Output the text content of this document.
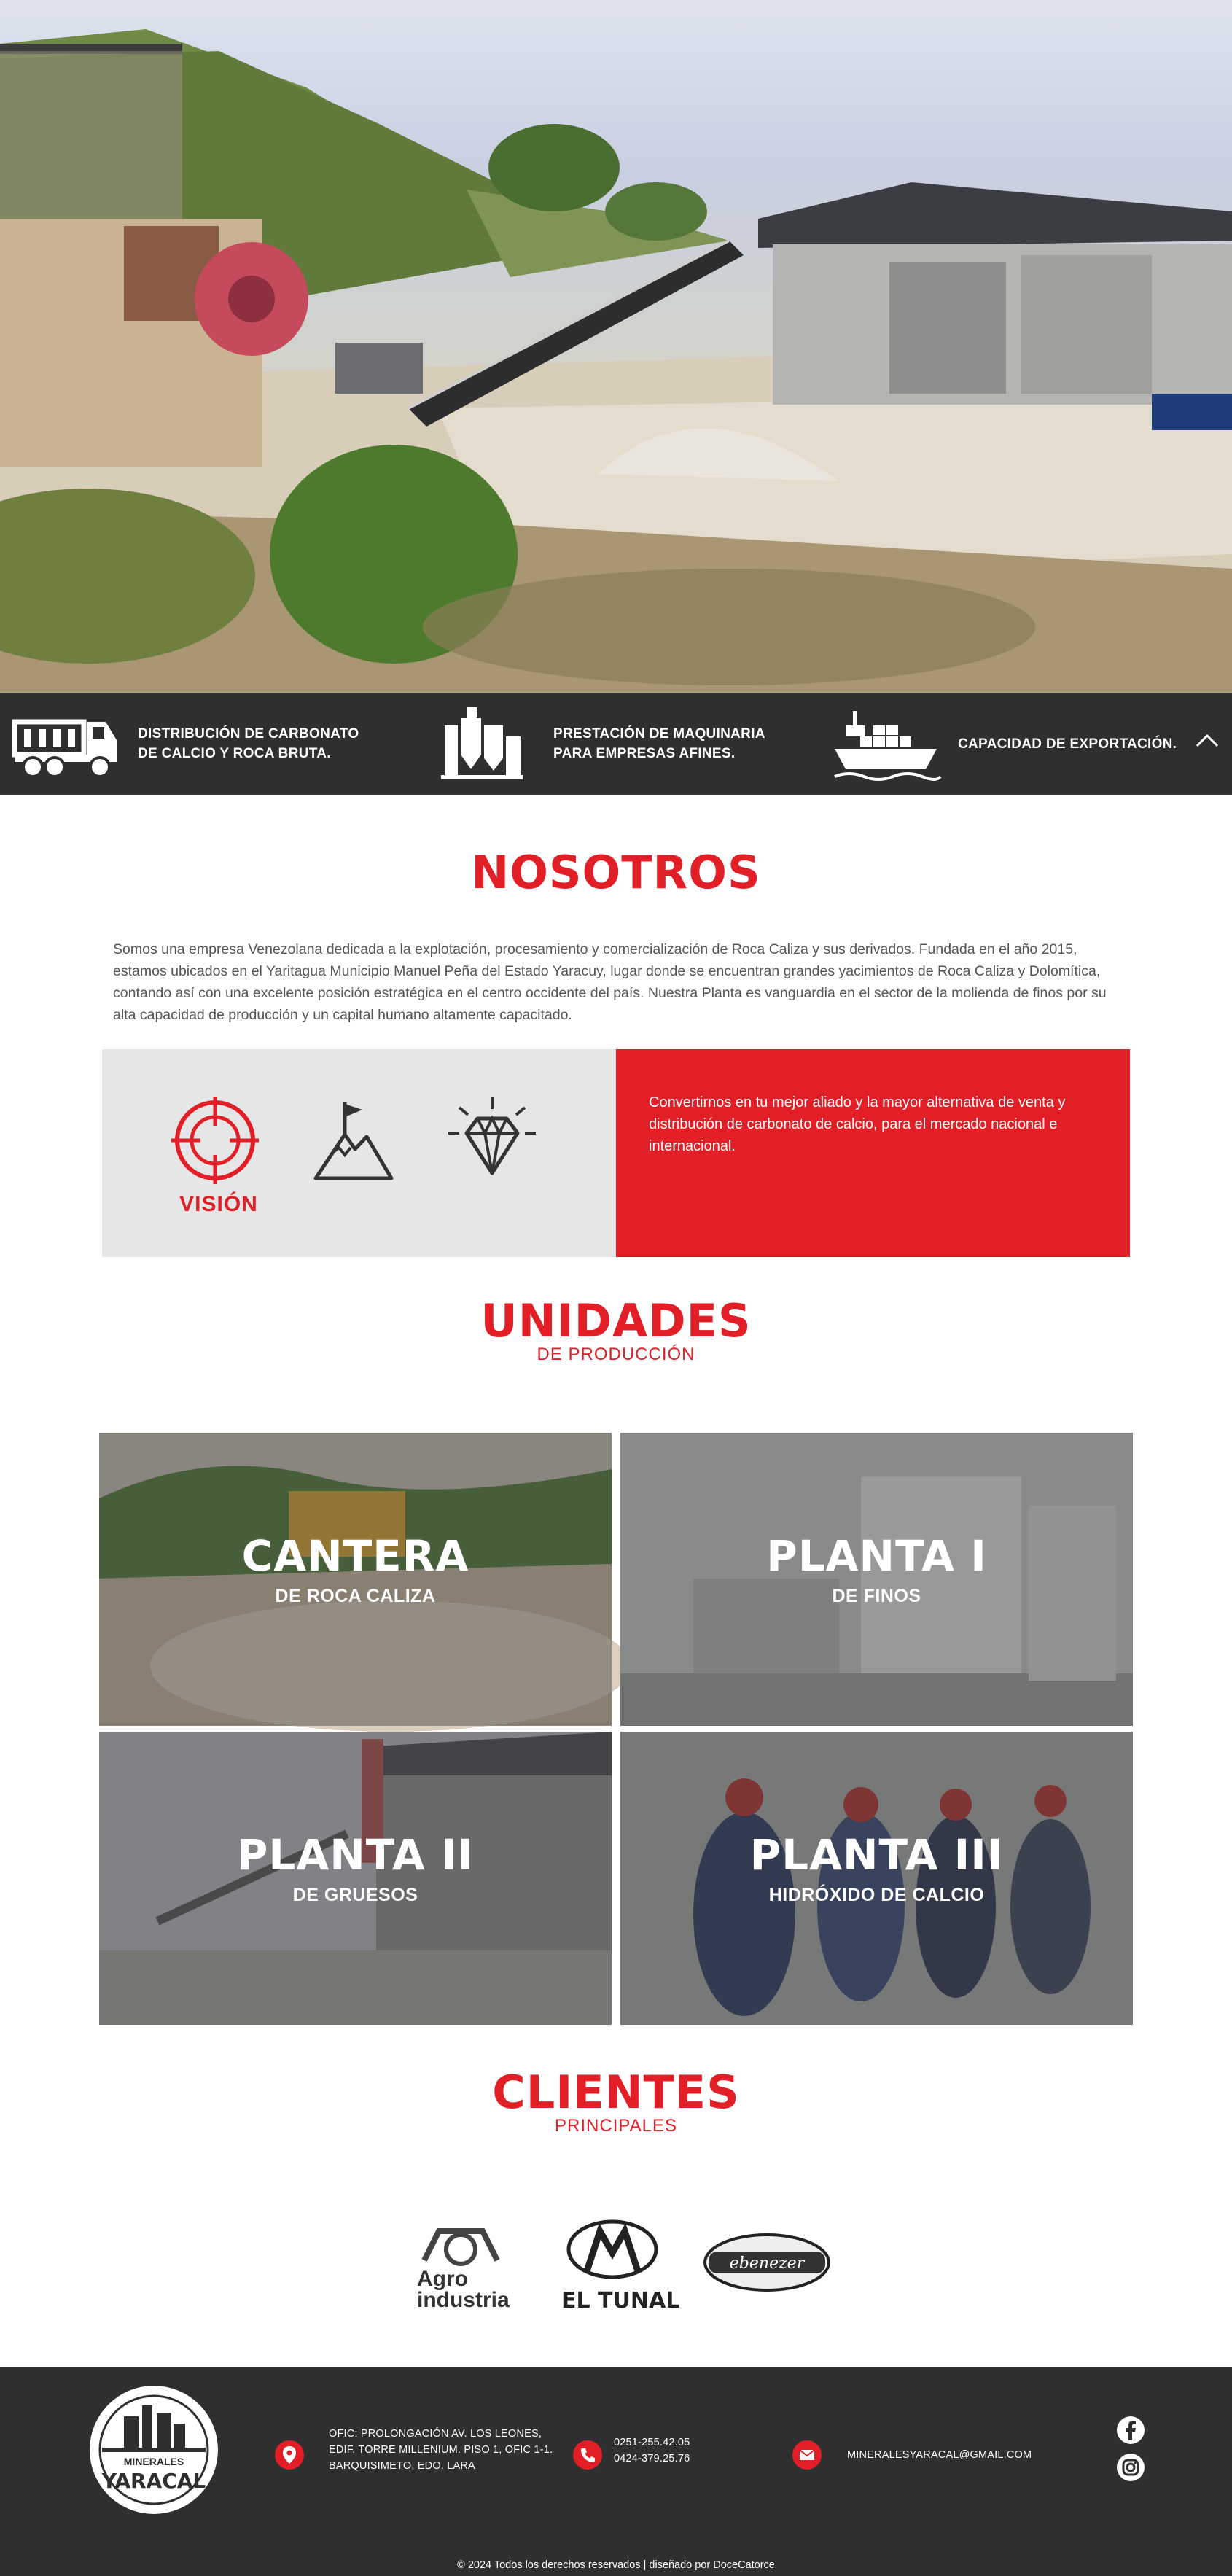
DISTRIBUCIÓN DE CARBONATO
DE CALCIO Y ROCA BRUTA.
PRESTACIÓN DE MAQUINARIA
PARA EMPRESAS AFINES.
CAPACIDAD DE EXPORTACIÓN.
NOSOTROS

Somos una empresa Venezolana dedicada a la explotación, procesamiento y comercialización de Roca Caliza y sus derivados. Fundada en el año 2015, estamos ubicados en el Yaritagua Municipio Manuel Peña del Estado Yaracuy, lugar donde se encuentran grandes yacimientos de Roca Caliza y Dolomítica, contando así con una excelente posición estratégica en el centro occidente del país. Nuestra Planta es vanguardia en el sector de la molienda de finos por su alta capacidad de producción y un capital humano altamente capacitado.

VISIÓN

Convertirnos en tu mejor aliado y la mayor alternativa de venta y distribución de carbonato de calcio, para el mercado nacional e internacional.

UNIDADES
DE PRODUCCIÓN
CANTERA
DE ROCA CALIZA
PLANTA I
DE FINOS
PLANTA II
DE GRUESOS
PLANTA III
HIDRÓXIDO DE CALCIO
CLIENTES
PRINCIPALES
Agro
industria EL TUNAL
ebenezer
MINERALES
YARACAL
OFIC: PROLONGACIÓN AV. LOS LEONES,
EDIF. TORRE MILLENIUM. PISO 1, OFIC 1-1.
BARQUISIMETO, EDO. LARA
0251-255.42.05
0424-379.25.76	MINERALESYARACAL@GMAIL.COM
© 2024 Todos los derechos reservados | diseñado por DoceCatorce
